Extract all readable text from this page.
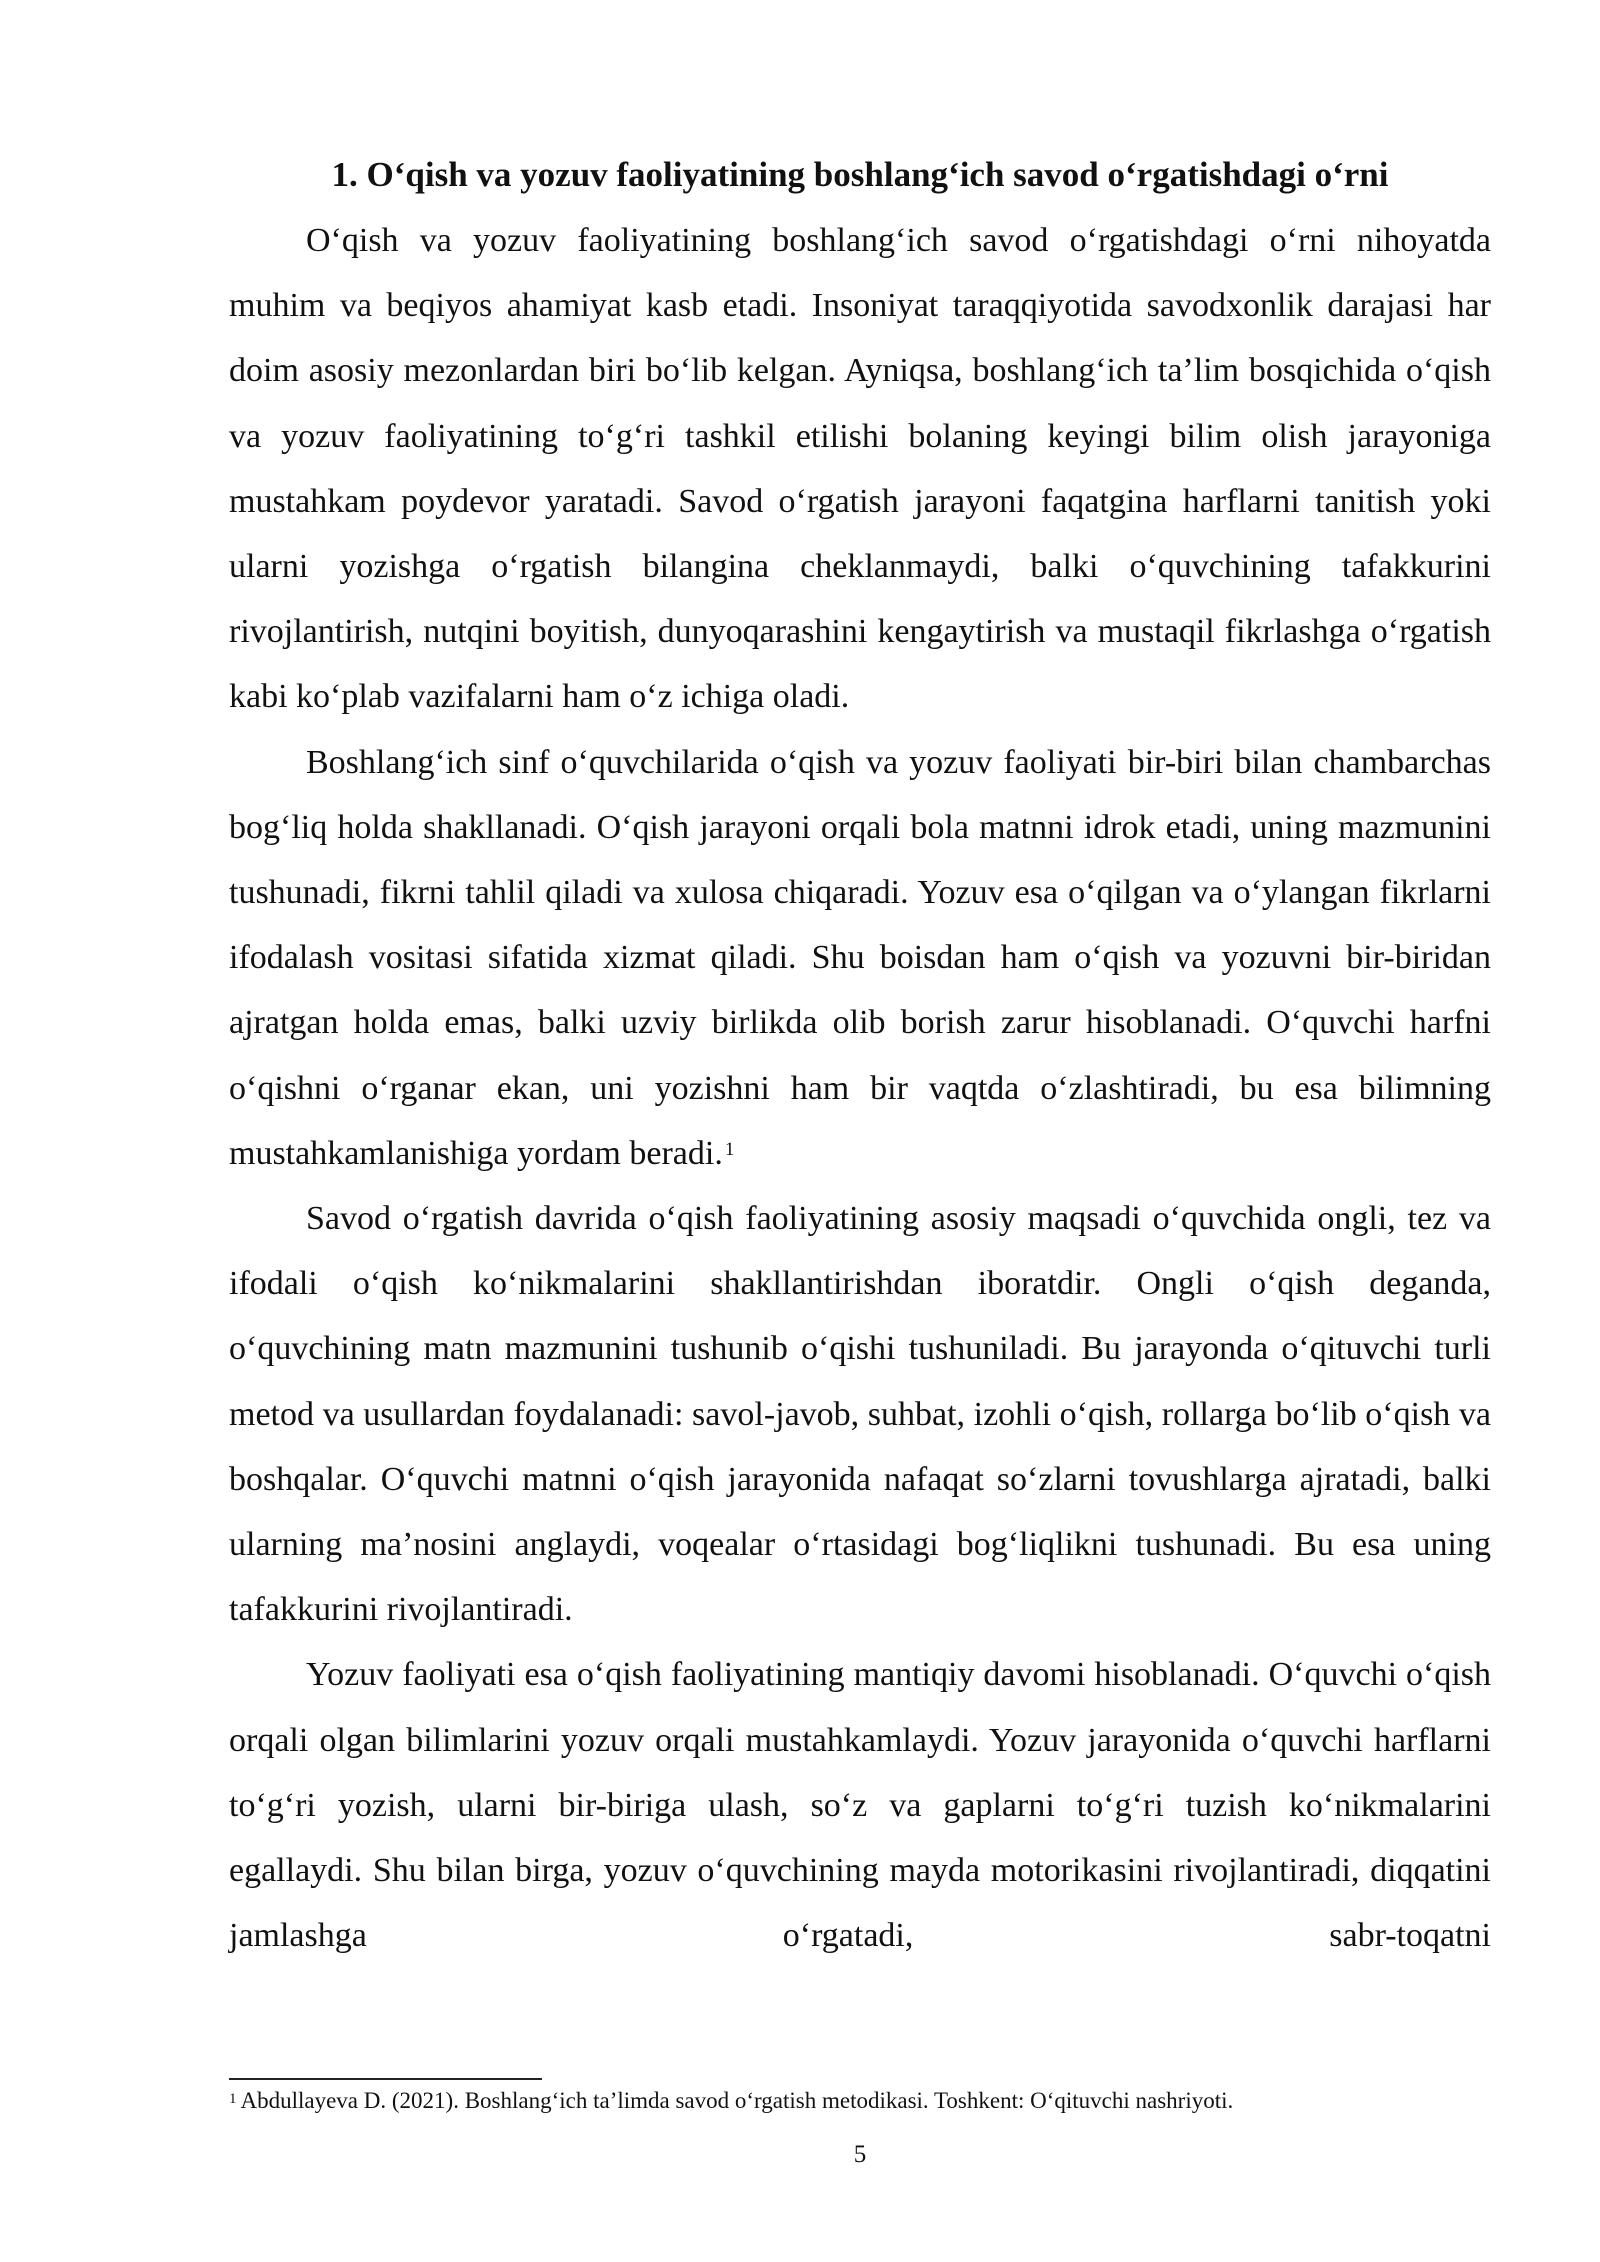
1. O‘qish va yozuv faoliyatining boshlang‘ich savod o‘rgatishdagi o‘rni

O‘qish va yozuv faoliyatining boshlang‘ich savod o‘rgatishdagi o‘rni nihoyatda muhim va beqiyos ahamiyat kasb etadi. Insoniyat taraqqiyotida savodxonlik darajasi har doim asosiy mezonlardan biri bo‘lib kelgan. Ayniqsa, boshlang‘ich ta’lim bosqichida o‘qish va yozuv faoliyatining to‘g‘ri tashkil etilishi bolaning keyingi bilim olish jarayoniga mustahkam poydevor yaratadi. Savod o‘rgatish jarayoni faqatgina harflarni tanitish yoki ularni yozishga o‘rgatish bilangina cheklanmaydi, balki o‘quvchining tafakkurini rivojlantirish, nutqini boyitish, dunyoqarashini kengaytirish va mustaqil fikrlashga o‘rgatish kabi ko‘plab vazifalarni ham o‘z ichiga oladi.

Boshlang‘ich sinf o‘quvchilarida o‘qish va yozuv faoliyati bir-biri bilan chambarchas bog‘liq holda shakllanadi. O‘qish jarayoni orqali bola matnni idrok etadi, uning mazmunini tushunadi, fikrni tahlil qiladi va xulosa chiqaradi. Yozuv esa o‘qilgan va o‘ylangan fikrlarni ifodalash vositasi sifatida xizmat qiladi. Shu boisdan ham o‘qish va yozuvni bir-biridan ajratgan holda emas, balki uzviy birlikda olib borish zarur hisoblanadi. O‘quvchi harfni o‘qishni o‘rganar ekan, uni yozishni ham bir vaqtda o‘zlashtiradi, bu esa bilimning mustahkamlanishiga yordam beradi. $^1$

Savod o‘rgatish davrida o‘qish faoliyatining asosiy maqsadi o‘quvchida ongli, tez va ifodali o‘qish ko‘nikmalarini shakllantirishdan iboratdir. Ongli o‘qish deganda, o‘quvchining matn mazmunini tushunib o‘qishi tushuniladi. Bu jarayonda o‘qituvchi turli metod va usullardan foydalanadi: savol-javob, suhbat, izohli o‘qish, rollarga bo‘lib o‘qish va boshqalar. O‘quvchi matnni o‘qish jarayonida nafaqat so‘zlarni tovushlarga ajratadi, balki ularning ma’nosini anglaydi, voqealar o‘rtasidagi bog‘liqlikni tushunadi. Bu esa uning tafakkurini rivojlantiradi.

Yozuv faoliyati esa o‘qish faoliyatining mantiqiy davomi hisoblanadi. O‘quvchi o‘qish orqali olgan bilimlarini yozuv orqali mustahkamlaydi. Yozuv jarayonida o‘quvchi harflarni to‘g‘ri yozish, ularni bir-biriga ulash, so‘z va gaplarni to‘g‘ri tuzish ko‘nikmalarini egallaydi. Shu bilan birga, yozuv o‘quvchining mayda motorikasini rivojlantiradi, diqqatini jamlashga o‘rgatadi, sabr-toqatni

$^1$ Abdullayeva D. (2021). Boshlang‘ich ta’limda savod o‘rgatish metodikasi. Toshkent: O‘qituvchi nashriyoti.

5
